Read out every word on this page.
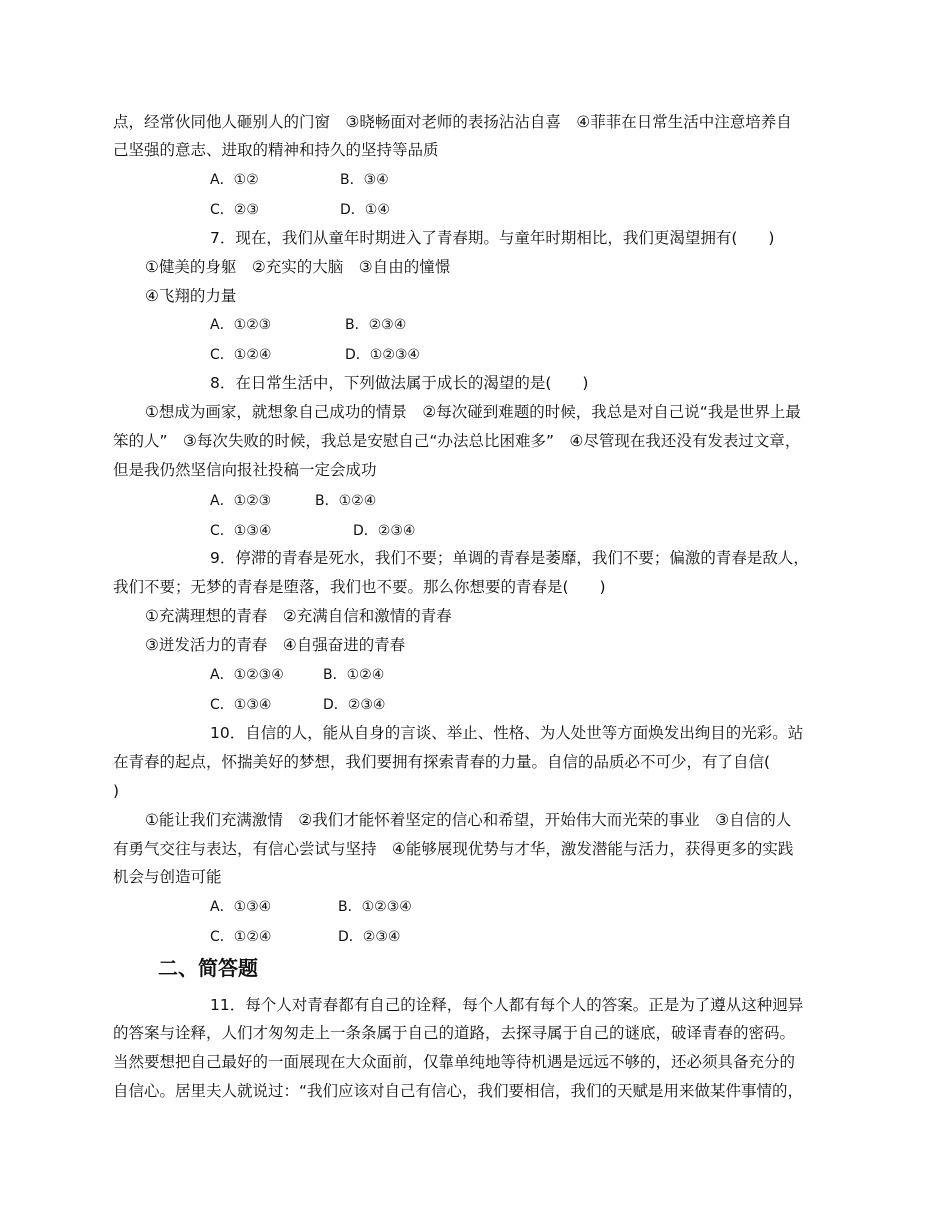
点，经常伙同他人砸别人的门窗　③晓畅面对老师的表扬沾沾自喜　④菲菲在日常生活中注意培养自
己坚强的意志、进取的精神和持久的坚持等品质
A．①②	B．③④
C．②③	D．①④
7．现在，我们从童年时期进入了青春期。与童年时期相比，我们更渴望拥有(　　)
①健美的身躯　②充实的大脑　③自由的憧憬
④飞翔的力量
A．①②③	B．②③④
C．①②④	D．①②③④
8．在日常生活中，下列做法属于成长的渴望的是(　　)
①想成为画家，就想象自己成功的情景　②每次碰到难题的时候，我总是对自己说“我是世界上最
笨的人”　③每次失败的时候，我总是安慰自己“办法总比困难多”　④尽管现在我还没有发表过文章，
但是我仍然坚信向报社投稿一定会成功
A．①②③	B．①②④
C．①③④	D．②③④
9．停滞的青春是死水，我们不要；单调的青春是萎靡，我们不要；偏激的青春是敌人，
我们不要；无梦的青春是堕落，我们也不要。那么你想要的青春是(　　)
①充满理想的青春　②充满自信和激情的青春
③迸发活力的青春　④自强奋进的青春
A．①②③④	B．①②④
C．①③④	D．②③④
10．自信的人，能从自身的言谈、举止、性格、为人处世等方面焕发出绚目的光彩。站
在青春的起点，怀揣美好的梦想，我们要拥有探索青春的力量。自信的品质必不可少，有了自信(
)
①能让我们充满激情　②我们才能怀着坚定的信心和希望，开始伟大而光荣的事业　③自信的人
有勇气交往与表达，有信心尝试与坚持　④能够展现优势与才华，激发潜能与活力，获得更多的实践
机会与创造可能
A．①③④	B．①②③④
C．①②④	D．②③④
二、简答题
11．每个人对青春都有自己的诠释，每个人都有每个人的答案。正是为了遵从这种迥异
的答案与诠释，人们才匆匆走上一条条属于自己的道路，去探寻属于自己的谜底，破译青春的密码。
当然要想把自己最好的一面展现在大众面前，仅靠单纯地等待机遇是远远不够的，还必须具备充分的
自信心。居里夫人就说过：“我们应该对自己有信心，我们要相信，我们的天赋是用来做某件事情的，
